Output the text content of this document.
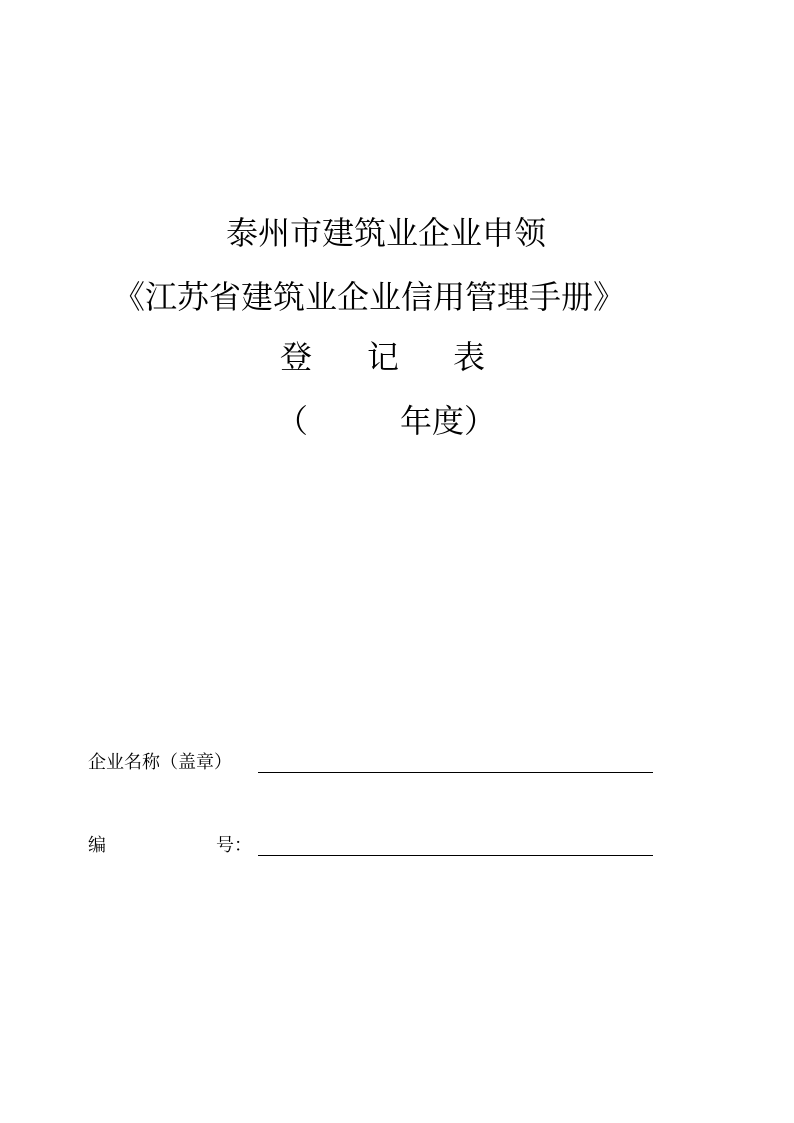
泰州市建筑业企业申领
《江苏省建筑业企业信用管理手册》
登 记 表
（	年度）
企业名称（盖章）
编	号：
